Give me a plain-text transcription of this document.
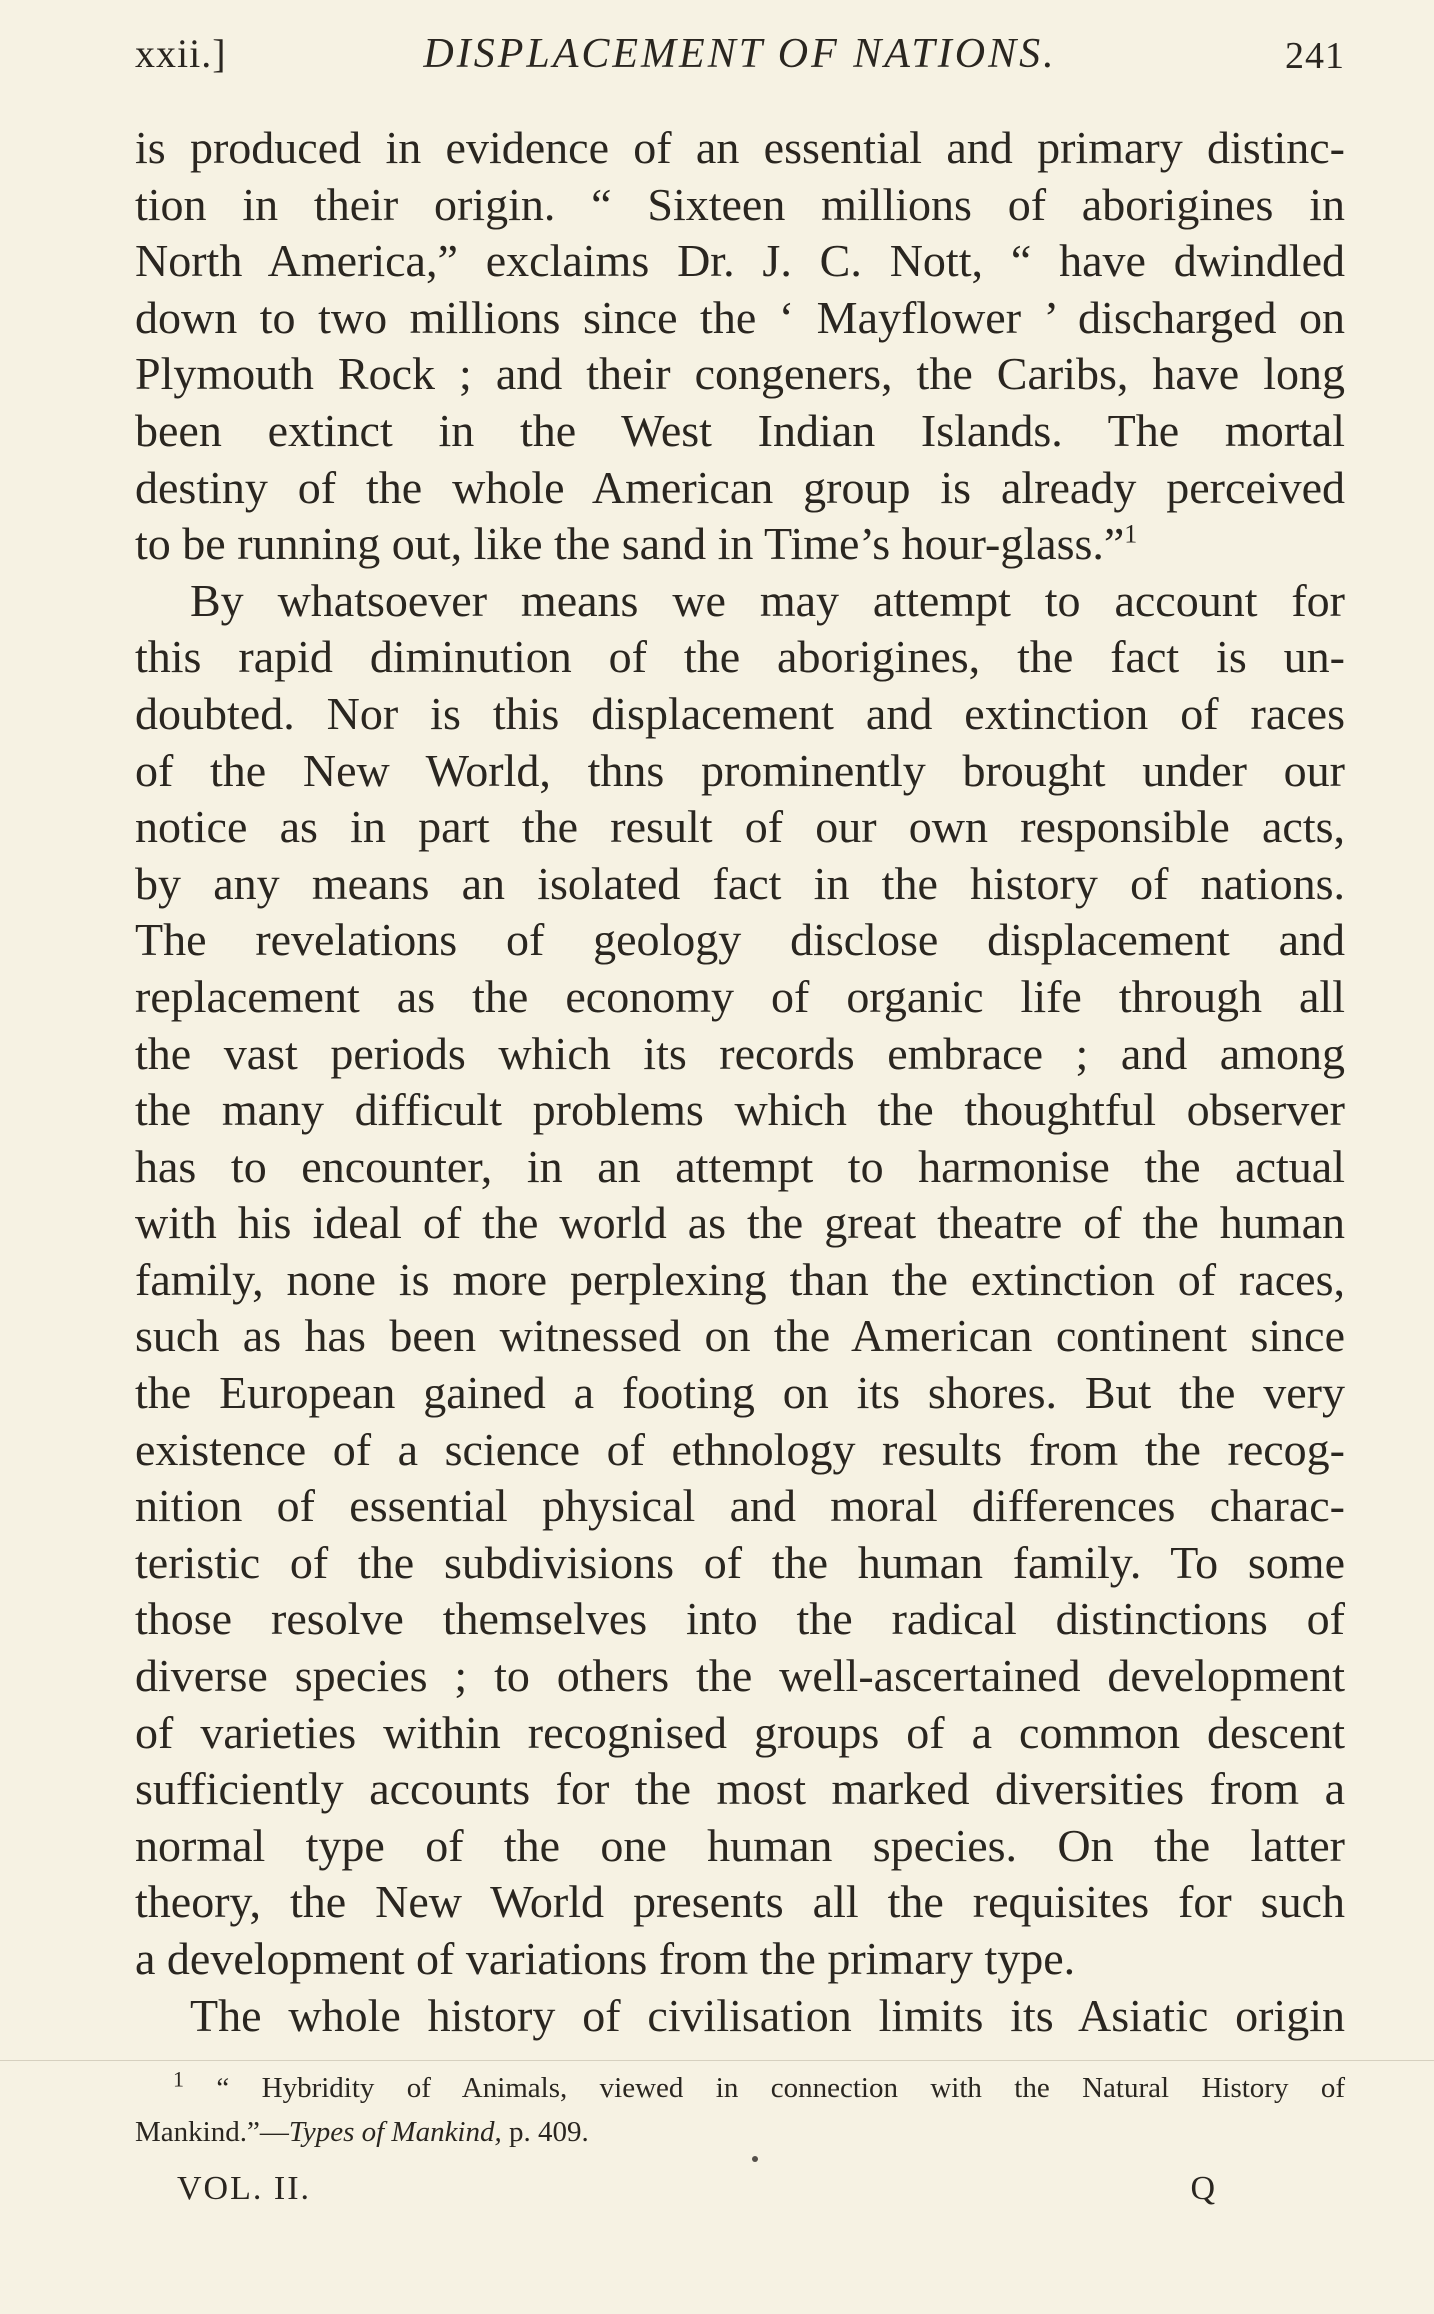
xxii.]	DISPLACEMENT OF NATIONS.	241
is produced in evidence of an essential and primary distinc-
tion in their origin. “ Sixteen millions of aborigines in
North America,” exclaims Dr. J. C. Nott, “ have dwindled
down to two millions since the ‘ Mayflower ’ discharged on
Plymouth Rock ; and their congeners, the Caribs, have long
been extinct in the West Indian Islands. The mortal
destiny of the whole American group is already perceived
to be running out, like the sand in Time’s hour-glass.”$^1$
By whatsoever means we may attempt to account for
this rapid diminution of the aborigines, the fact is un-
doubted. Nor is this displacement and extinction of races
of the New World, thns prominently brought under our
notice as in part the result of our own responsible acts,
by any means an isolated fact in the history of nations.
The revelations of geology disclose displacement and
replacement as the economy of organic life through all
the vast periods which its records embrace ; and among
the many difficult problems which the thoughtful observer
has to encounter, in an attempt to harmonise the actual
with his ideal of the world as the great theatre of the human
family, none is more perplexing than the extinction of races,
such as has been witnessed on the American continent since
the European gained a footing on its shores. But the very
existence of a science of ethnology results from the recog-
nition of essential physical and moral differences charac-
teristic of the subdivisions of the human family. To some
those resolve themselves into the radical distinctions of
diverse species ; to others the well-ascertained development
of varieties within recognised groups of a common descent
sufficiently accounts for the most marked diversities from a
normal type of the one human species. On the latter
theory, the New World presents all the requisites for such
a development of variations from the primary type.
The whole history of civilisation limits its Asiatic origin
$^1$ “ Hybridity of Animals, viewed in connection with the Natural History of
Mankind.”—Types of Mankind, p. 409.
VOL. II.	Q
